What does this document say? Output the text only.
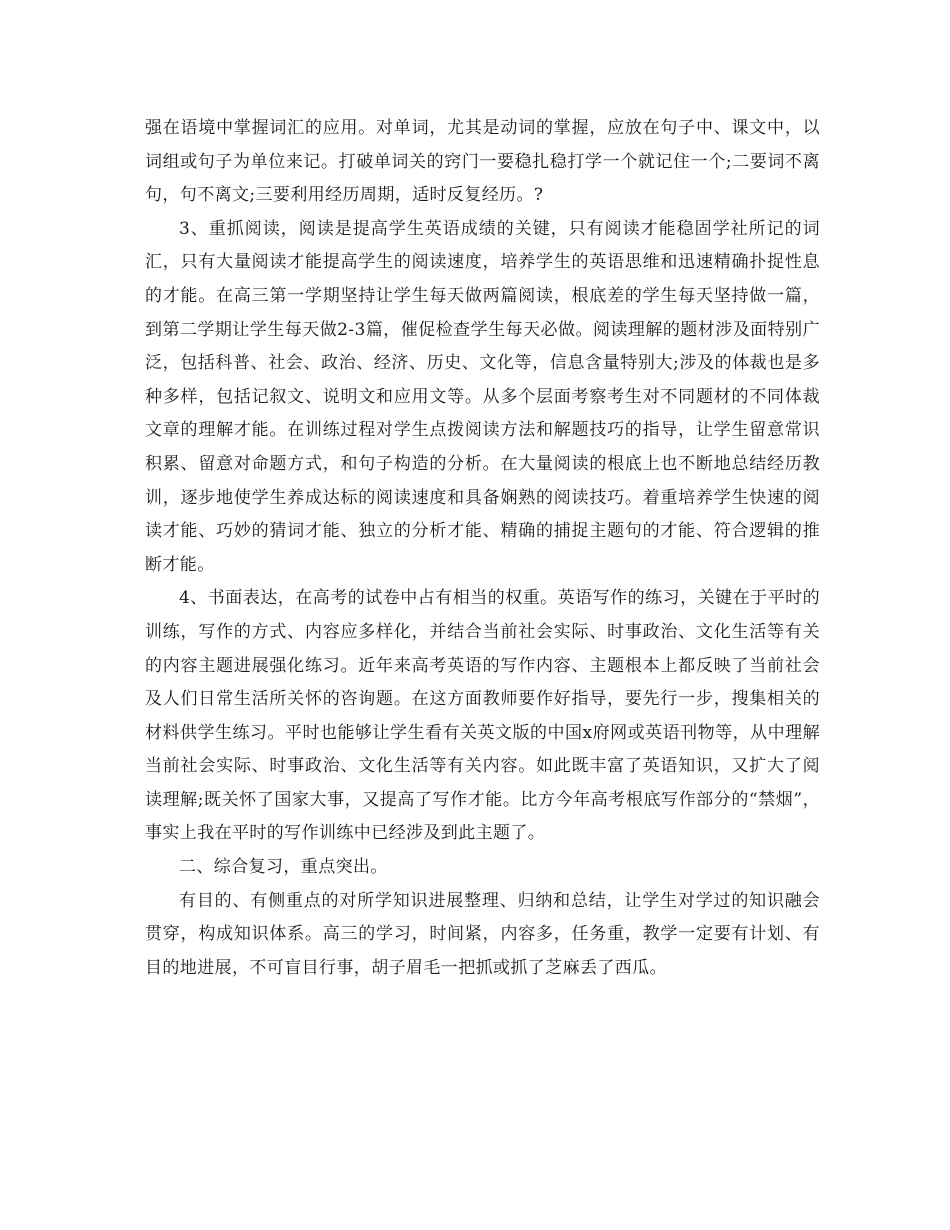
强在语境中掌握词汇的应用。对单词，尤其是动词的掌握，应放在句子中、课文中，以词组或句子为单位来记。打破单词关的窍门一要稳扎稳打学一个就记住一个;二要词不离句，句不离文;三要利用经历周期，适时反复经历。?

3、重抓阅读，阅读是提高学生英语成绩的关键，只有阅读才能稳固学社所记的词汇，只有大量阅读才能提高学生的阅读速度，培养学生的英语思维和迅速精确扑捉性息的才能。在高三第一学期坚持让学生每天做两篇阅读，根底差的学生每天坚持做一篇，到第二学期让学生每天做2-3篇，催促检查学生每天必做。阅读理解的题材涉及面特别广泛，包括科普、社会、政治、经济、历史、文化等，信息含量特别大;涉及的体裁也是多种多样，包括记叙文、说明文和应用文等。从多个层面考察考生对不同题材的不同体裁文章的理解才能。在训练过程对学生点拨阅读方法和解题技巧的指导，让学生留意常识积累、留意对命题方式，和句子构造的分析。在大量阅读的根底上也不断地总结经历教训，逐步地使学生养成达标的阅读速度和具备娴熟的阅读技巧。着重培养学生快速的阅读才能、巧妙的猜词才能、独立的分析才能、精确的捕捉主题句的才能、符合逻辑的推断才能。

4、书面表达，在高考的试卷中占有相当的权重。英语写作的练习，关键在于平时的训练，写作的方式、内容应多样化，并结合当前社会实际、时事政治、文化生活等有关的内容主题进展强化练习。近年来高考英语的写作内容、主题根本上都反映了当前社会及人们日常生活所关怀的咨询题。在这方面教师要作好指导，要先行一步，搜集相关的材料供学生练习。平时也能够让学生看有关英文版的中国x府网或英语刊物等，从中理解当前社会实际、时事政治、文化生活等有关内容。如此既丰富了英语知识，又扩大了阅读理解;既关怀了国家大事，又提高了写作才能。比方今年高考根底写作部分的“禁烟”，事实上我在平时的写作训练中已经涉及到此主题了。

二、综合复习，重点突出。

有目的、有侧重点的对所学知识进展整理、归纳和总结，让学生对学过的知识融会贯穿，构成知识体系。高三的学习，时间紧，内容多，任务重，教学一定要有计划、有目的地进展，不可盲目行事，胡子眉毛一把抓或抓了芝麻丢了西瓜。
